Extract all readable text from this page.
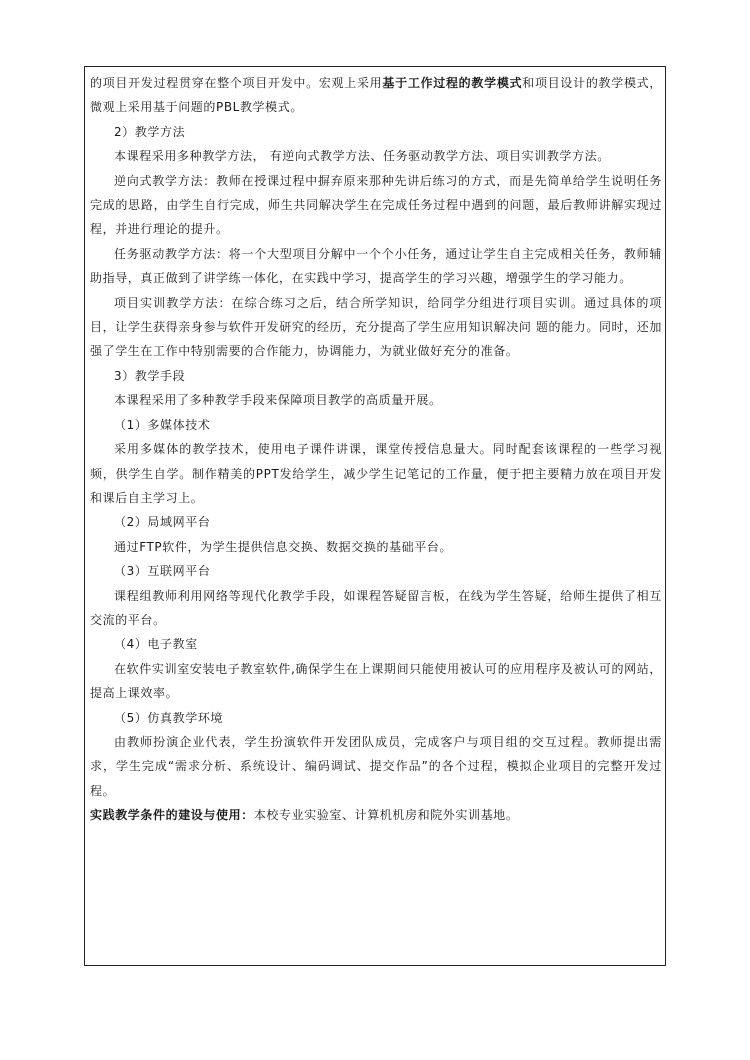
的项目开发过程贯穿在整个项目开发中。宏观上采用基于工作过程的教学模式和项目设计的教学模式，微观上采用基于问题的PBL教学模式。

2）教学方法

本课程采用多种教学方法， 有逆向式教学方法、任务驱动教学方法、项目实训教学方法。

逆向式教学方法：教师在授课过程中摒弃原来那种先讲后练习的方式，而是先简单给学生说明任务完成的思路，由学生自行完成，师生共同解决学生在完成任务过程中遇到的问题，最后教师讲解实现过程，并进行理论的提升。

任务驱动教学方法：将一个大型项目分解中一个个小任务，通过让学生自主完成相关任务，教师辅助指导，真正做到了讲学练一体化，在实践中学习，提高学生的学习兴趣，增强学生的学习能力。

项目实训教学方法：在综合练习之后，结合所学知识，给同学分组进行项目实训。通过具体的项目，让学生获得亲身参与软件开发研究的经历，充分提高了学生应用知识解决问 题的能力。同时，还加强了学生在工作中特别需要的合作能力，协调能力，为就业做好充分的准备。

3）教学手段

本课程采用了多种教学手段来保障项目教学的高质量开展。

（1）多媒体技术

采用多媒体的教学技术，使用电子课件讲课，课堂传授信息量大。同时配套该课程的一些学习视频，供学生自学。制作精美的PPT发给学生，减少学生记笔记的工作量，便于把主要精力放在项目开发和课后自主学习上。

（2）局域网平台

通过FTP软件，为学生提供信息交换、数据交换的基础平台。

（3）互联网平台

课程组教师利用网络等现代化教学手段，如课程答疑留言板，在线为学生答疑，给师生提供了相互交流的平台。

（4）电子教室

在软件实训室安装电子教室软件,确保学生在上课期间只能使用被认可的应用程序及被认可的网站，提高上课效率。

（5）仿真教学环境

由教师扮演企业代表，学生扮演软件开发团队成员，完成客户与项目组的交互过程。教师提出需求，学生完成“需求分析、系统设计、编码调试、提交作品”的各个过程，模拟企业项目的完整开发过程。

实践教学条件的建设与使用：本校专业实验室、计算机机房和院外实训基地。
